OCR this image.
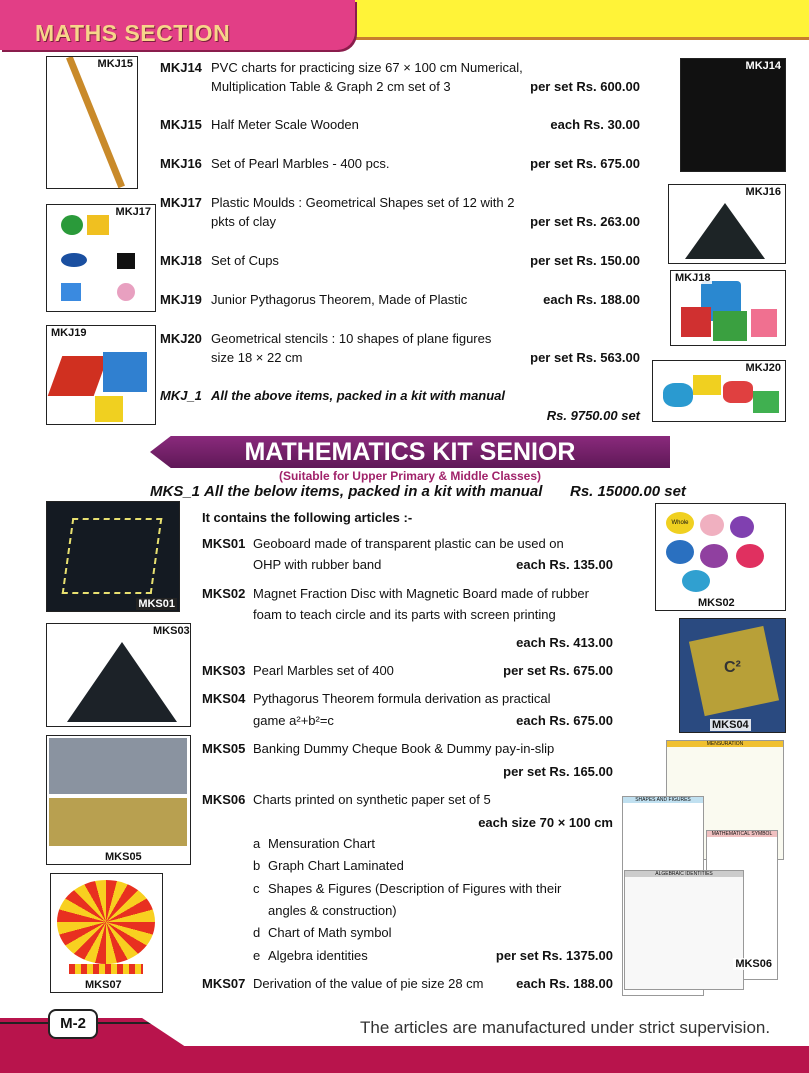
MATHS SECTION
MKJ15	MKJ14
MKJ17
MKJ16
MKJ18
MKJ19
MKJ20
MKJ14 PVC charts for practicing size 67 × 100 cm Numerical,
Multiplication Table & Graph 2 cm set of 3	per set Rs. 600.00
MKJ15 Half Meter Scale Wooden	each Rs. 30.00
MKJ16 Set of Pearl Marbles - 400 pcs.	per set Rs. 675.00
MKJ17 Plastic Moulds : Geometrical Shapes set of 12 with 2
pkts of clay	per set Rs. 263.00
MKJ18 Set of Cups	per set Rs. 150.00
MKJ19 Junior Pythagorus Theorem, Made of Plastic	each Rs. 188.00
MKJ20 Geometrical stencils : 10 shapes of plane figures
size 18 × 22 cm	per set Rs. 563.00
MKJ_1 All the above items, packed in a kit with manual
Rs. 9750.00 set
MATHEMATICS KIT SENIOR
(Suitable for Upper Primary & Middle Classes)
MKS_1 All the below items, packed in a kit with manual Rs. 15000.00 set
It contains the following articles :-
MKS01
Whole
MKS02
MKS03
C²
MKS04
MKS05
MENSURATION
SHAPES AND FIGURES
MATHEMATICAL SYMBOL
ALGEBRAIC IDENTITIES
MKS06
MKS07
MKS01 Geoboard made of transparent plastic can be used on
OHP with rubber band	each Rs. 135.00
MKS02 Magnet Fraction Disc with Magnetic Board made of rubber
foam to teach circle and its parts with screen printing
each Rs. 413.00
MKS03 Pearl Marbles set of 400	per set Rs. 675.00
MKS04 Pythagorus Theorem formula derivation as practical
game a²+b²=c	each Rs. 675.00
MKS05 Banking Dummy Cheque Book & Dummy pay-in-slip
per set Rs. 165.00
MKS06 Charts printed on synthetic paper set of 5
each size 70 × 100 cm
a Mensuration Chart
b Graph Chart Laminated
c Shapes & Figures (Description of Figures with their
angles & construction)
d Chart of Math symbol
e Algebra identities	per set Rs. 1375.00
MKS07 Derivation of the value of pie size 28 cm	each Rs. 188.00
M-2	The articles are manufactured under strict supervision.
